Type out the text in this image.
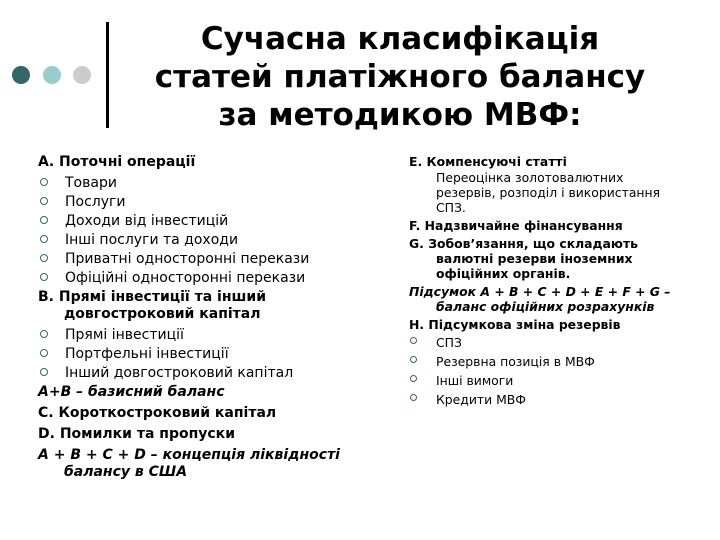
Сучасна класифікація
статей платіжного балансу
за методикою МВФ:
А. Поточні операції
Товари
Послуги
Доходи від інвестицій
Інші послуги та доходи
Приватні односторонні перекази
Офіційні односторонні перекази
В. Прямі інвестиції та інший довгостроковий капітал
Прямі інвестиції
Портфельні інвестиції
Інший довгостроковий капітал
А+В – базисний баланс
С. Короткостроковий капітал
D. Помилки та пропуски
А + В + С + D – концепція ліквідності балансу в США
Е. Компенсуючі статті
Переоцінка золотовалютних резервів, розподіл і використання СПЗ.
F. Надзвичайне фінансування
G. Зобов’язання, що складають валютні резерви іноземних офіційних органів.
Підсумок А + В + С + D + Е + F + G – баланс офіційних розрахунків
Н. Підсумкова зміна резервів
СПЗ
Резервна позиція в МВФ
Інші вимоги
Кредити МВФ
